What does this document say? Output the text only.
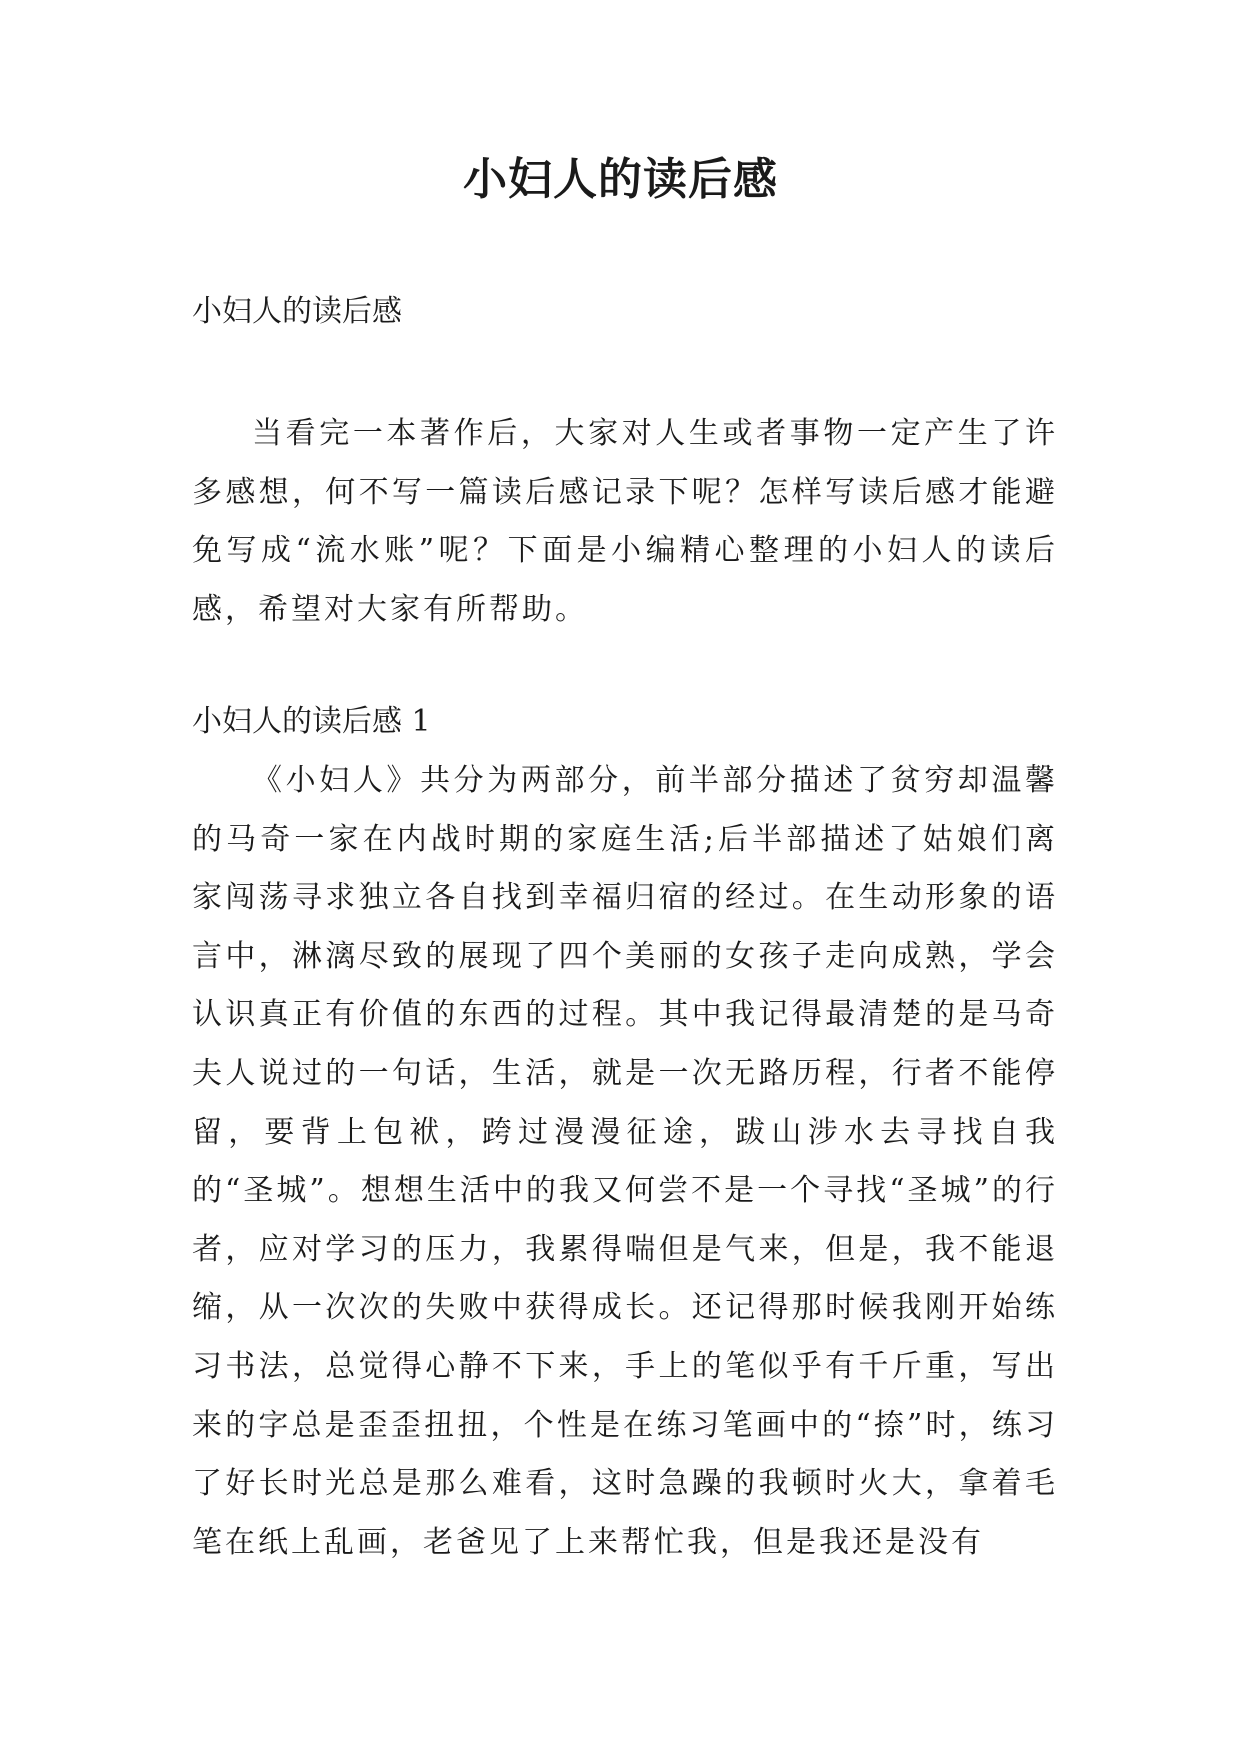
小妇人的读后感
小妇人的读后感

当看完一本著作后，大家对人生或者事物一定产生了许多感想，何不写一篇读后感记录下呢？怎样写读后感才能避免写成“流水账”呢？下面是小编精心整理的小妇人的读后感，希望对大家有所帮助。

小妇人的读后感 1

《小妇人》共分为两部分，前半部分描述了贫穷却温馨的马奇一家在内战时期的家庭生活;后半部描述了姑娘们离家闯荡寻求独立各自找到幸福归宿的经过。在生动形象的语言中，淋漓尽致的展现了四个美丽的女孩子走向成熟，学会认识真正有价值的东西的过程。其中我记得最清楚的是马奇夫人说过的一句话，生活，就是一次无路历程，行者不能停留，要背上包袱，跨过漫漫征途，跋山涉水去寻找自我的“圣城”。想想生活中的我又何尝不是一个寻找“圣城”的行者，应对学习的压力，我累得喘但是气来，但是，我不能退缩，从一次次的失败中获得成长。还记得那时候我刚开始练习书法，总觉得心静不下来，手上的笔似乎有千斤重，写出来的字总是歪歪扭扭，个性是在练习笔画中的“捺”时，练习了好长时光总是那么难看，这时急躁的我顿时火大，拿着毛笔在纸上乱画，老爸见了上来帮忙我，但是我还是没有
